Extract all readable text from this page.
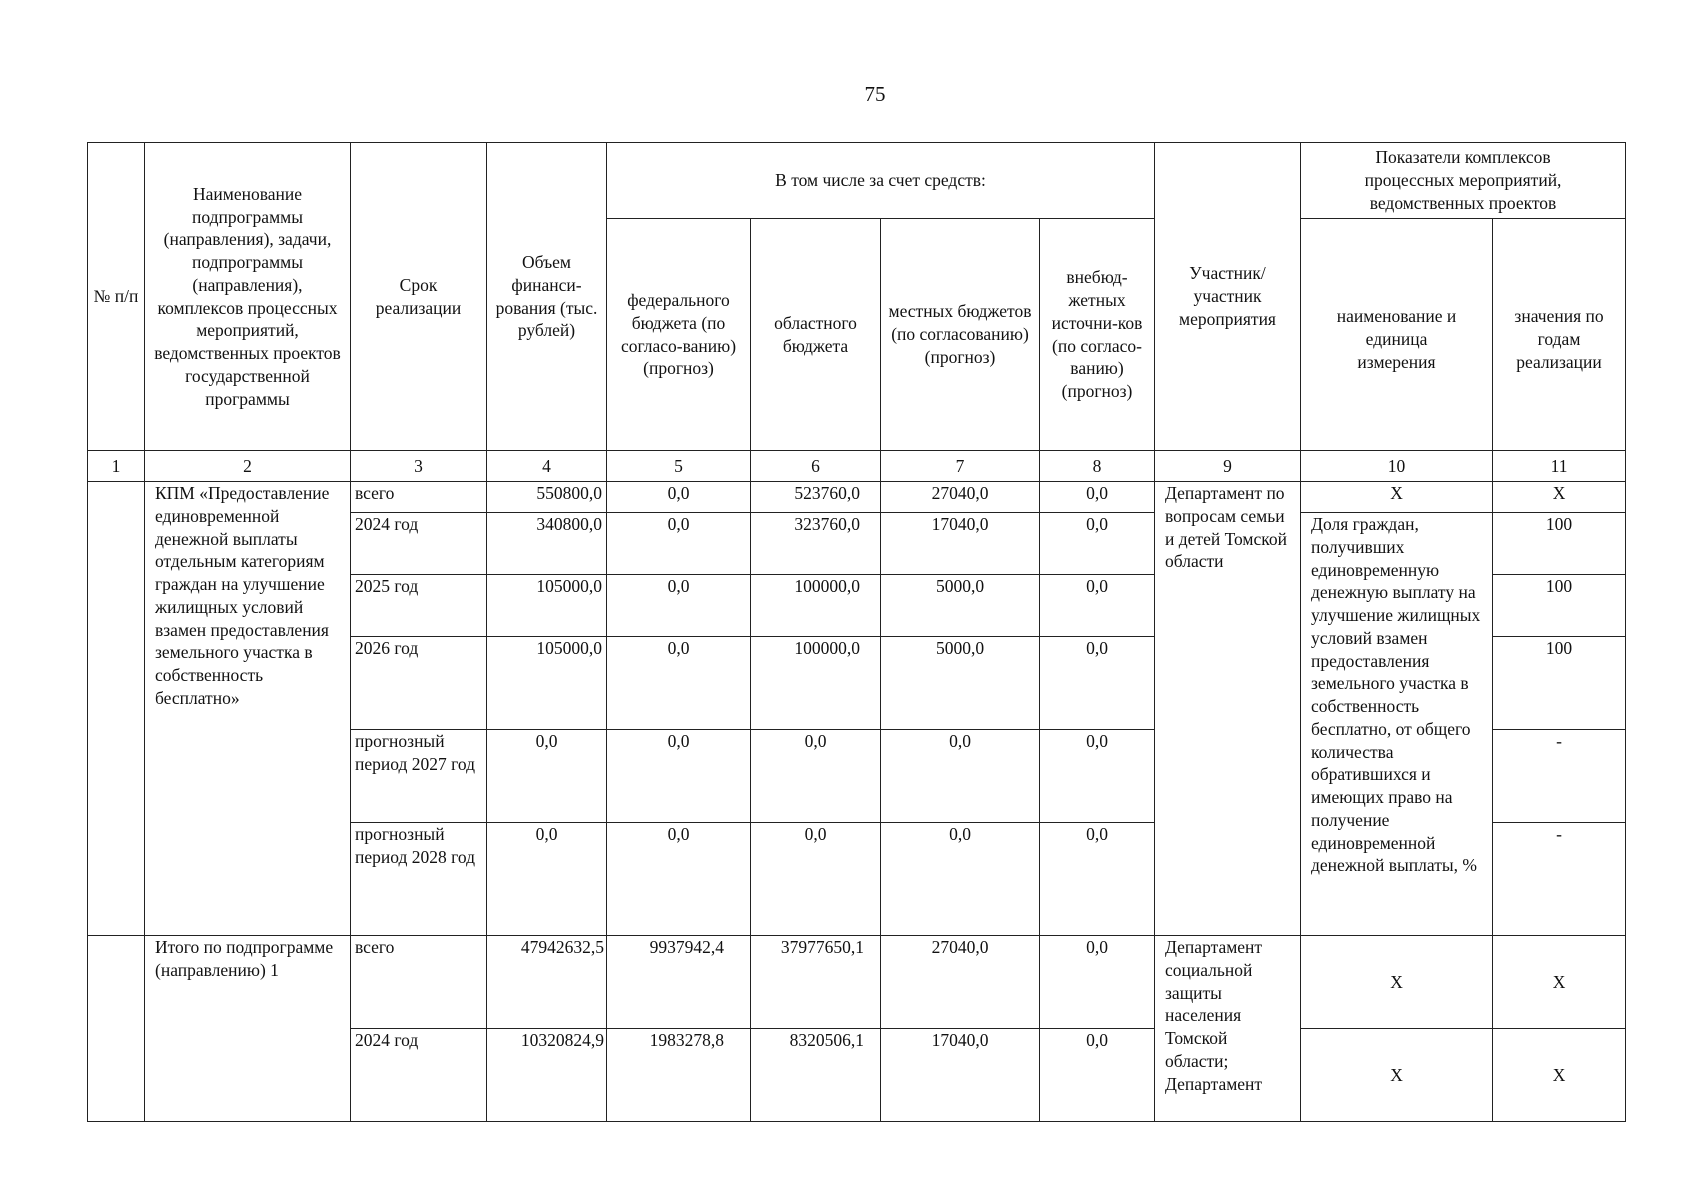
75
№ п/п	Наименование подпрограммы (направления), задачи, подпрограммы (направления), комплексов процессных мероприятий, ведомственных проектов государственной программы	Срок реализации	Объем финанси-рования (тыс. рублей)	В том числе за счет средств:				Участник/ участник мероприятия	Показатели комплексов процессных мероприятий, ведомственных проектов	
				федерального бюджета (по согласо-ванию) (прогноз)	областного бюджета	местных бюджетов (по согласованию) (прогноз)	внебюд-жетных источни-ков (по согласо-ванию) (прогноз)		наименование и единица измерения	значения по годам реализации
1	2	3	4	5	6	7	8	9	10	11
	КПМ «Предоставление единовременной денежной выплаты отдельным категориям граждан на улучшение жилищных условий взамен предоставления земельного участка в собственность бесплатно»	всего	550800,0	0,0	523760,0	27040,0	0,0	Департамент по вопросам семьи и детей Томской области	Х	Х
		2024 год	340800,0	0,0	323760,0	17040,0	0,0		Доля граждан, получивших единовременную денежную выплату на улучшение жилищных условий взамен предоставления земельного участка в собственность бесплатно, от общего количества обратившихся и имеющих право на получение единовременной денежной выплаты, %	100
		2025 год	105000,0	0,0	100000,0	5000,0	0,0			100
		2026 год	105000,0	0,0	100000,0	5000,0	0,0			100
		прогнозный период 2027 год	0,0	0,0	0,0	0,0	0,0			-
		прогнозный период 2028 год	0,0	0,0	0,0	0,0	0,0			-
	Итого по подпрограмме (направлению) 1	всего	47942632,5	9937942,4	37977650,1	27040,0	0,0	Департамент социальной защиты населения Томской области; Департамент	Х	Х
		2024 год	10320824,9	1983278,8	8320506,1	17040,0	0,0		Х	Х
